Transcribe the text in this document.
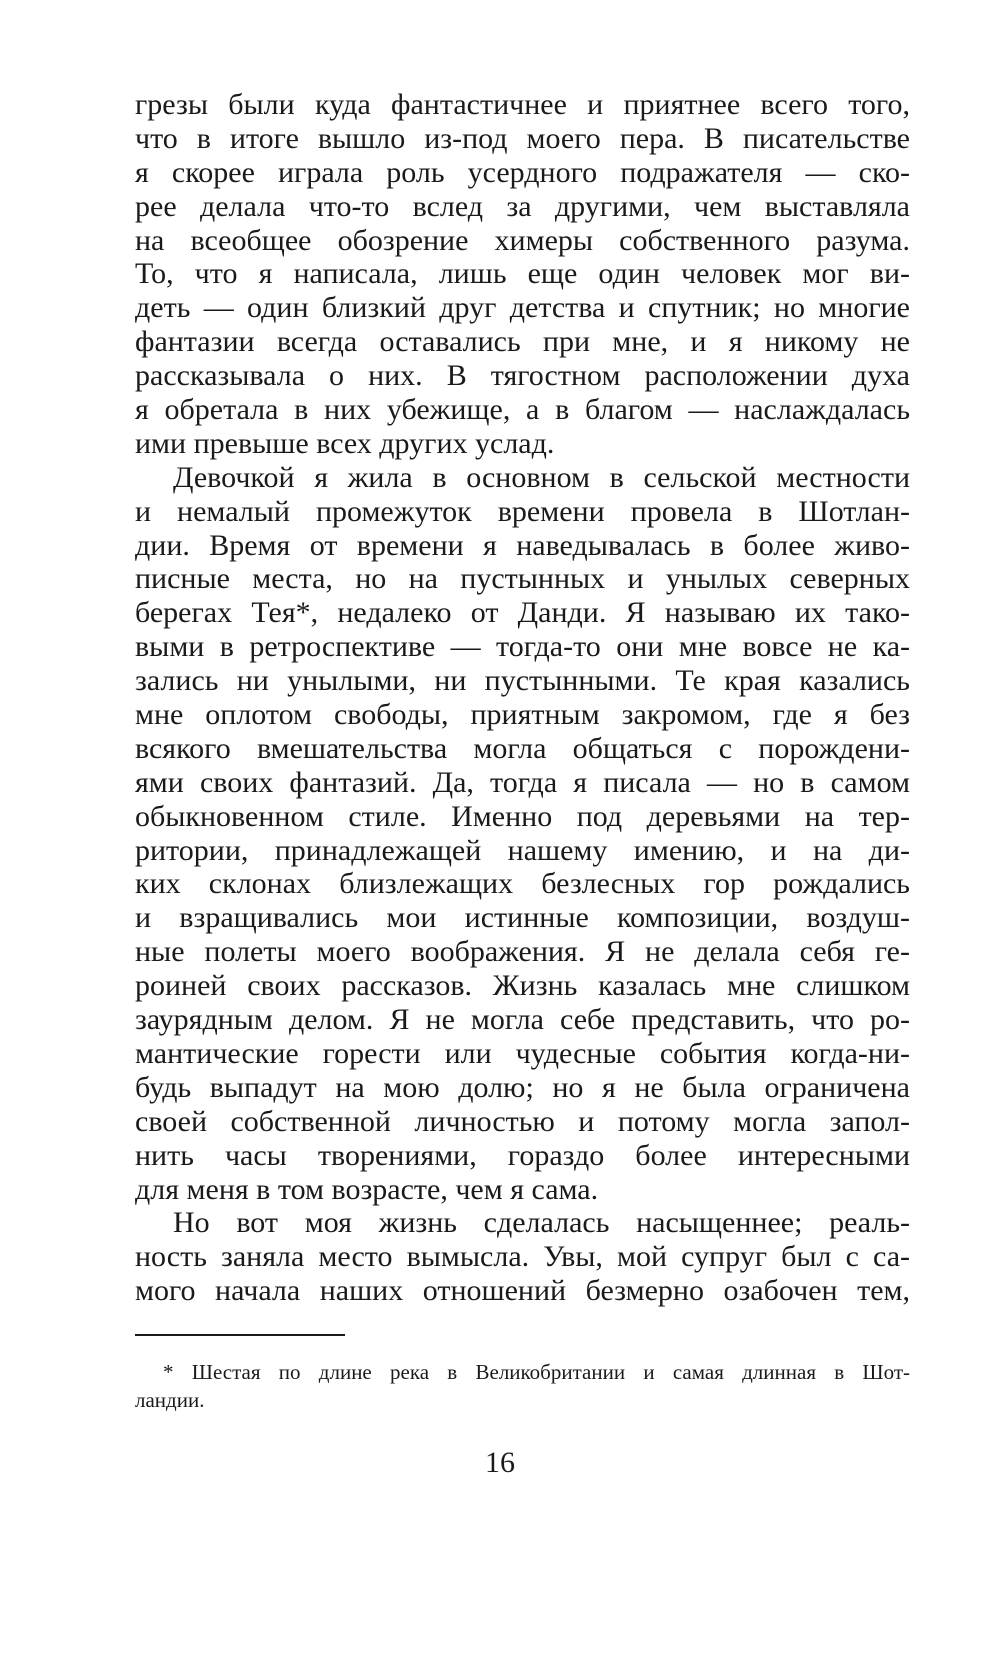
грезы были куда фантастичнее и приятнее всего того,
что в итоге вышло из-под моего пера. В писательстве
я скорее играла роль усердного подражателя — ско-
рее делала что-то вслед за другими, чем выставляла
на всеобщее обозрение химеры собственного разума.
То, что я написала, лишь еще один человек мог ви-
деть — один близкий друг детства и спутник; но многие
фантазии всегда оставались при мне, и я никому не
рассказывала о них. В тягостном расположении духа
я обретала в них убежище, а в благом — наслаждалась
ими превыше всех других услад.
Девочкой я жила в основном в сельской местности
и немалый промежуток времени провела в Шотлан-
дии. Время от времени я наведывалась в более живо-
писные места, но на пустынных и унылых северных
берегах Тея*, недалеко от Данди. Я называю их тако-
выми в ретроспективе — тогда-то они мне вовсе не ка-
зались ни унылыми, ни пустынными. Те края казались
мне оплотом свободы, приятным закромом, где я без
всякого вмешательства могла общаться с порождени-
ями своих фантазий. Да, тогда я писала — но в самом
обыкновенном стиле. Именно под деревьями на тер-
ритории, принадлежащей нашему имению, и на ди-
ких склонах близлежащих безлесных гор рождались
и взращивались мои истинные композиции, воздуш-
ные полеты моего воображения. Я не делала себя ге-
роиней своих рассказов. Жизнь казалась мне слишком
заурядным делом. Я не могла себе представить, что ро-
мантические горести или чудесные события когда-ни-
будь выпадут на мою долю; но я не была ограничена
своей собственной личностью и потому могла запол-
нить часы творениями, гораздо более интересными
для меня в том возрасте, чем я сама.
Но вот моя жизнь сделалась насыщеннее; реаль-
ность заняла место вымысла. Увы, мой супруг был с са-
мого начала наших отношений безмерно озабочен тем,
* Шестая по длине река в Великобритании и самая длинная в Шот-
ландии.
16
